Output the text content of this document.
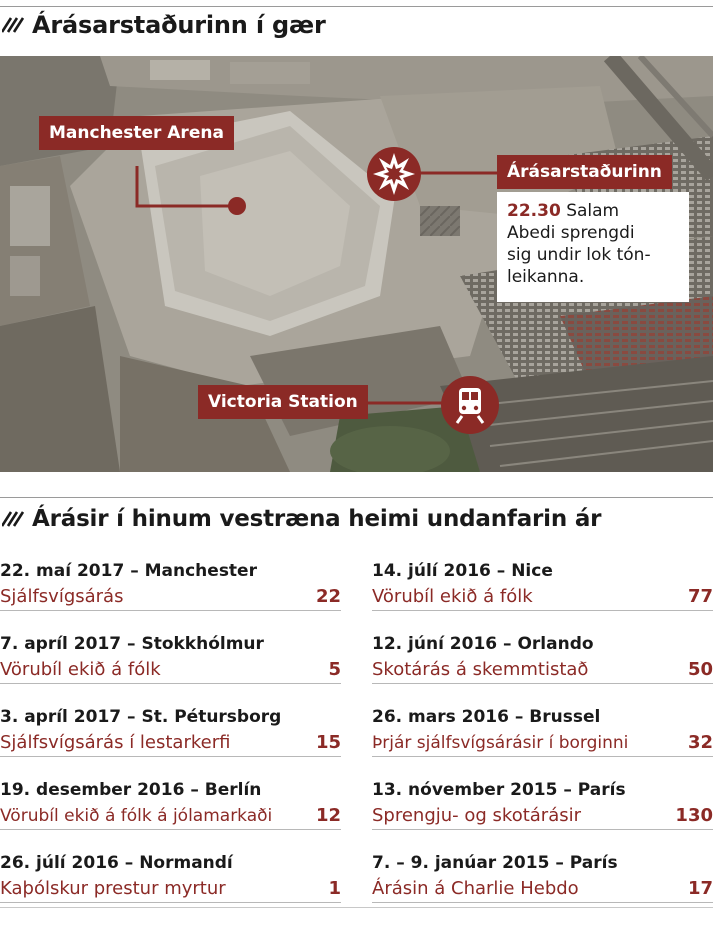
Árásarstaðurinn í gær
Manchester Arena
Árásarstaðurinn
Victoria Station
22.30 Salam
Abedi sprengdi
sig undir lok tón-
leikanna.
Árásir í hinum vestræna heimi undanfarin ár
22. maí 2017 – Manchester
Sjálfsvígsárás	22
7. apríl 2017 – Stokkhólmur
Vörubíl ekið á fólk	5
3. apríl 2017 – St. Pétursborg
Sjálfsvígsárás í lestarkerfi	15
19. desember 2016 – Berlín
Vörubíl ekið á fólk á jólamarkaði 12
26. júlí 2016 – Normandí
Kaþólskur prestur myrtur	1
14. júlí 2016 – Nice
Vörubíl ekið á fólk	77
12. júní 2016 – Orlando
Skotárás á skemmtistað	50
26. mars 2016 – Brussel
Þrjár sjálfsvígsárásir í borginni	32
13. nóvember 2015 – París
Sprengju- og skotárásir	130
7. – 9. janúar 2015 – París
Árásin á Charlie Hebdo	17
